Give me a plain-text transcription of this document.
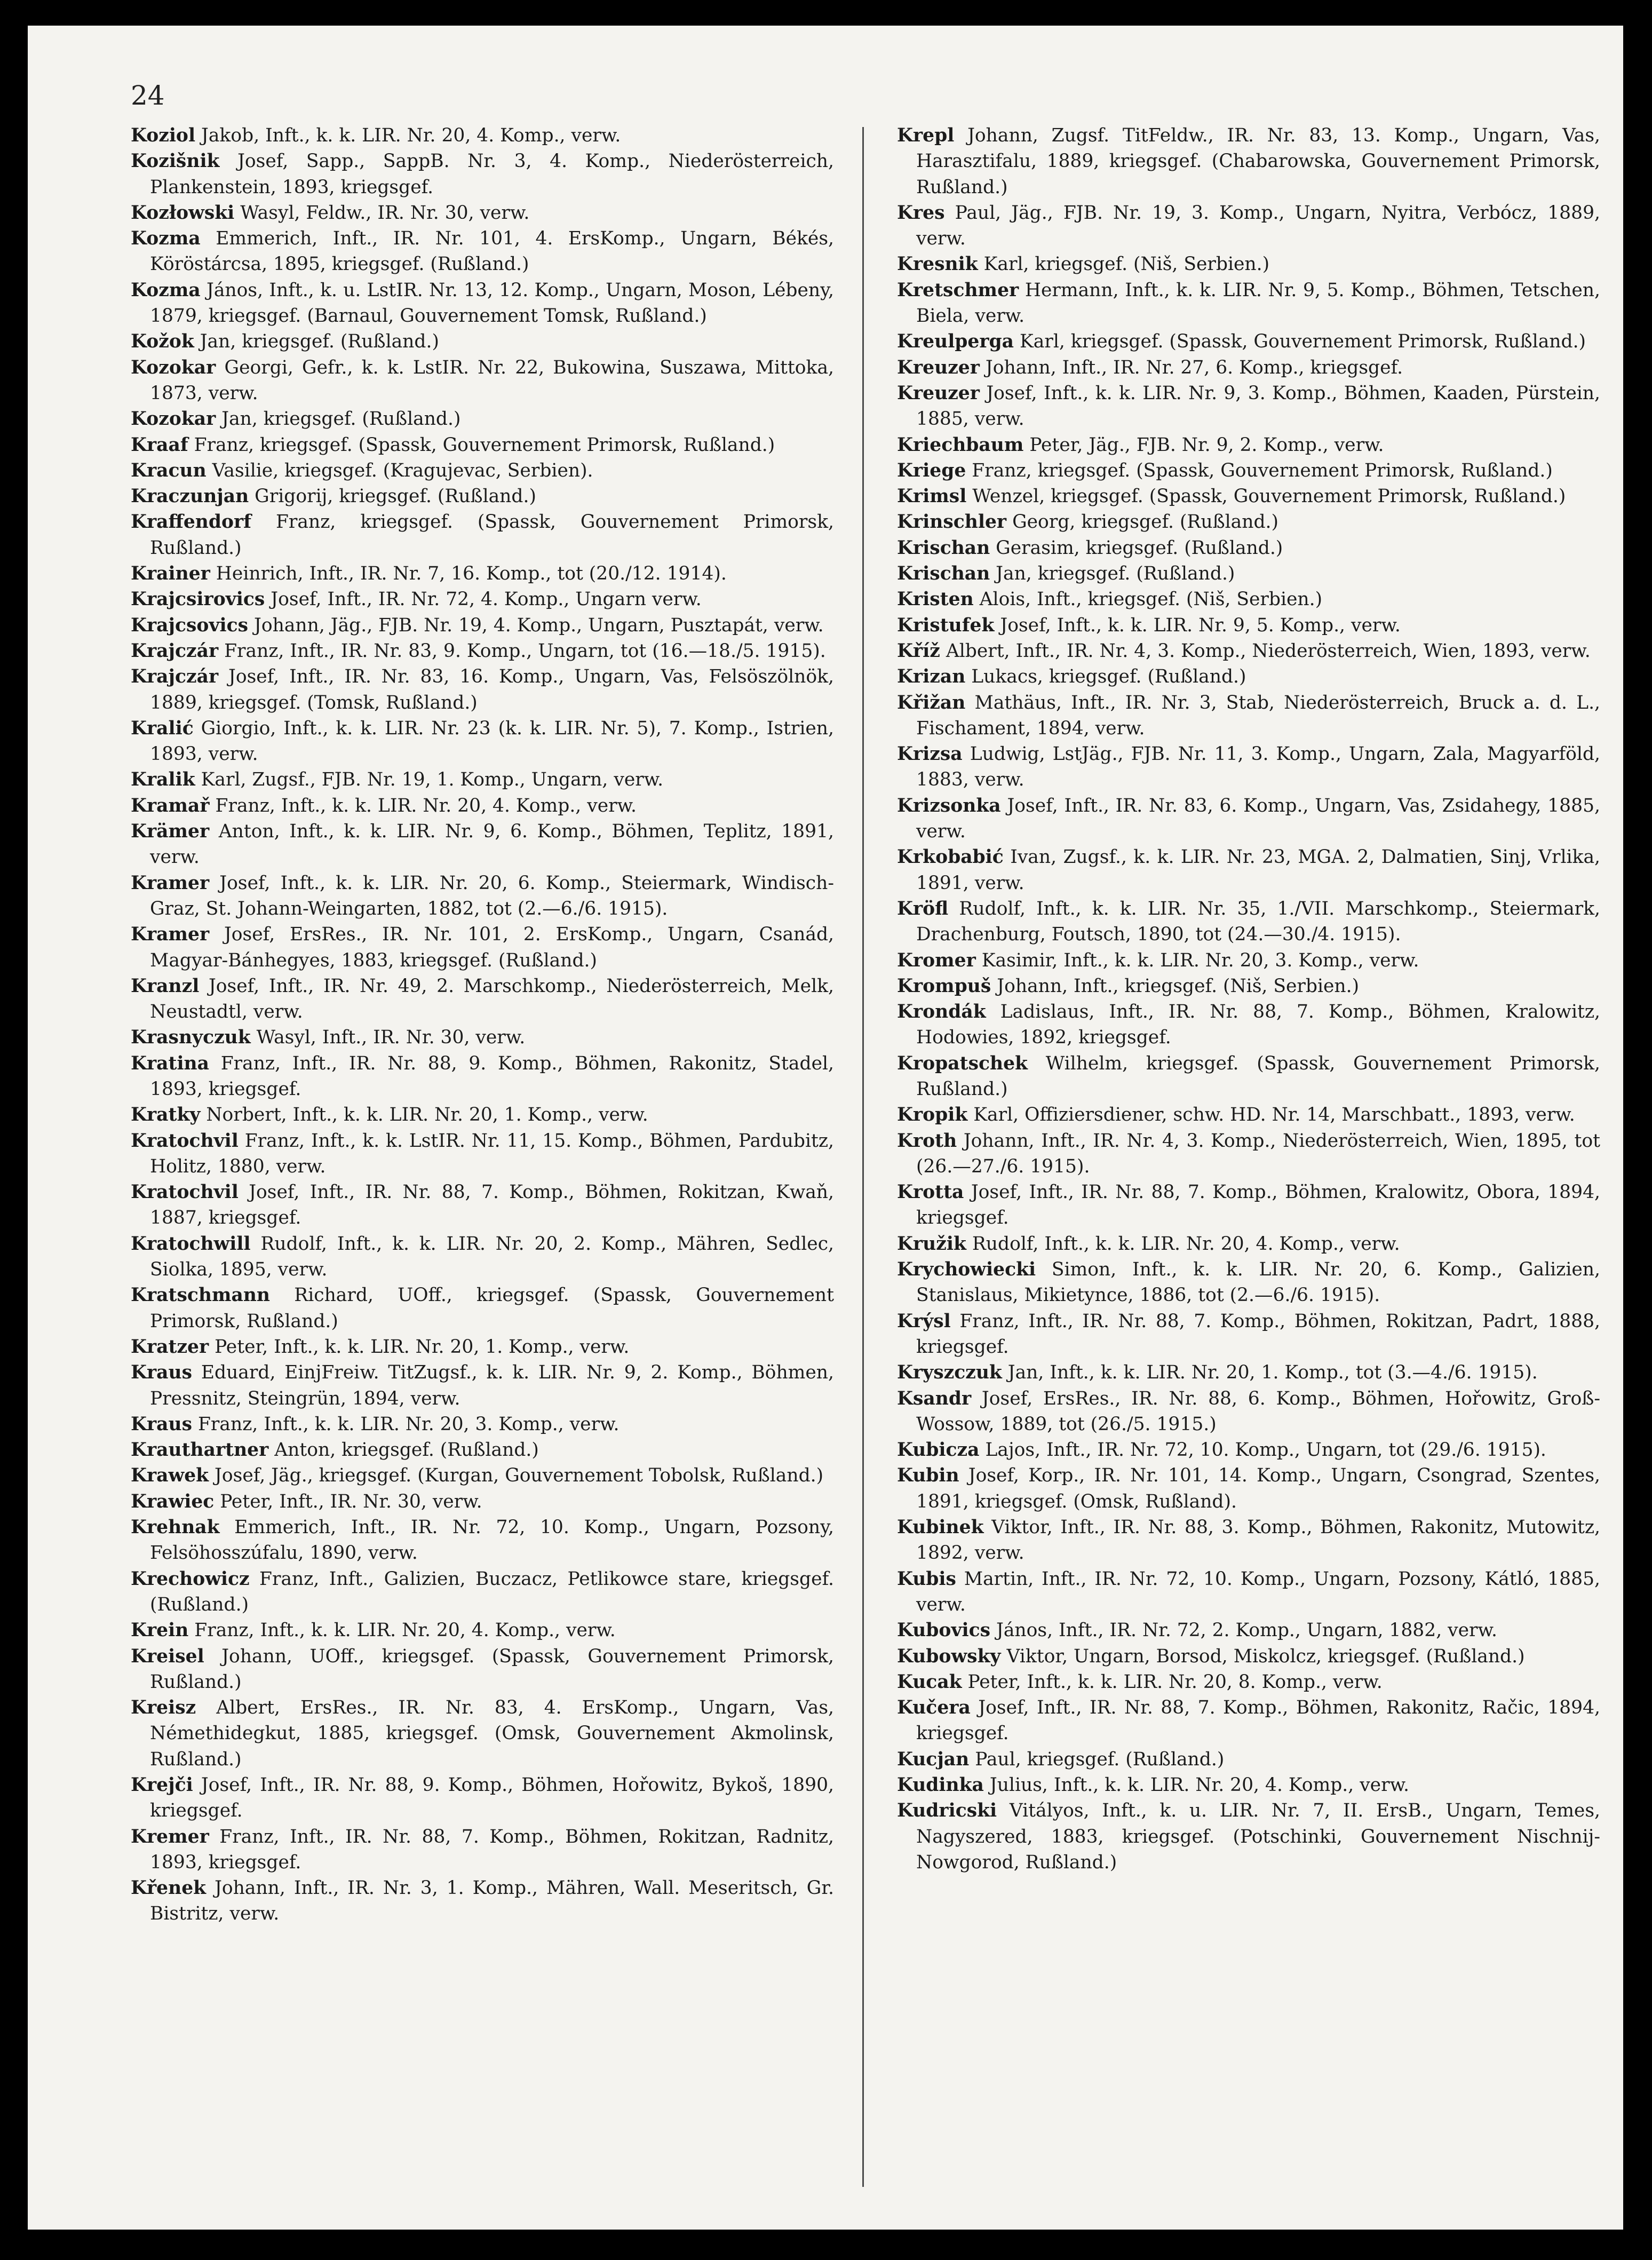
24

Koziol Jakob, Inft., k. k. LIR. Nr. 20, 4. Komp., verw.

Kozišnik Josef, Sapp., SappB. Nr. 3, 4. Komp., Niederösterreich, Plankenstein, 1893, kriegsgef.

Kozłowski Wasyl, Feldw., IR. Nr. 30, verw.

Kozma Emmerich, Inft., IR. Nr. 101, 4. ErsKomp., Ungarn, Békés, Köröstárcsa, 1895, kriegsgef. (Rußland.)

Kozma János, Inft., k. u. LstIR. Nr. 13, 12. Komp., Ungarn, Moson, Lébeny, 1879, kriegsgef. (Barnaul, Gouvernement Tomsk, Rußland.)

Kožok Jan, kriegsgef. (Rußland.)

Kozokar Georgi, Gefr., k. k. LstIR. Nr. 22, Bukowina, Suszawa, Mittoka, 1873, verw.

Kozokar Jan, kriegsgef. (Rußland.)

Kraaf Franz, kriegsgef. (Spassk, Gouvernement Primorsk, Rußland.)

Kracun Vasilie, kriegsgef. (Kragujevac, Serbien).

Kraczunjan Grigorij, kriegsgef. (Rußland.)

Kraffendorf Franz, kriegsgef. (Spassk, Gouvernement Primorsk, Rußland.)

Krainer Heinrich, Inft., IR. Nr. 7, 16. Komp., tot (20./12. 1914).

Krajcsirovics Josef, Inft., IR. Nr. 72, 4. Komp., Ungarn verw.

Krajcsovics Johann, Jäg., FJB. Nr. 19, 4. Komp., Ungarn, Pusztapát, verw.

Krajczár Franz, Inft., IR. Nr. 83, 9. Komp., Ungarn, tot (16.—18./5. 1915).

Krajczár Josef, Inft., IR. Nr. 83, 16. Komp., Ungarn, Vas, Felsöszölnök, 1889, kriegsgef. (Tomsk, Rußland.)

Kralić Giorgio, Inft., k. k. LIR. Nr. 23 (k. k. LIR. Nr. 5), 7. Komp., Istrien, 1893, verw.

Kralik Karl, Zugsf., FJB. Nr. 19, 1. Komp., Ungarn, verw.

Kramař Franz, Inft., k. k. LIR. Nr. 20, 4. Komp., verw.

Krämer Anton, Inft., k. k. LIR. Nr. 9, 6. Komp., Böhmen, Teplitz, 1891, verw.

Kramer Josef, Inft., k. k. LIR. Nr. 20, 6. Komp., Steiermark, Windisch-Graz, St. Johann-Weingarten, 1882, tot (2.—6./6. 1915).

Kramer Josef, ErsRes., IR. Nr. 101, 2. ErsKomp., Ungarn, Csanád, Magyar-Bánhegyes, 1883, kriegsgef. (Rußland.)

Kranzl Josef, Inft., IR. Nr. 49, 2. Marschkomp., Niederösterreich, Melk, Neustadtl, verw.

Krasnyczuk Wasyl, Inft., IR. Nr. 30, verw.

Kratina Franz, Inft., IR. Nr. 88, 9. Komp., Böhmen, Rakonitz, Stadel, 1893, kriegsgef.

Kratky Norbert, Inft., k. k. LIR. Nr. 20, 1. Komp., verw.

Kratochvil Franz, Inft., k. k. LstIR. Nr. 11, 15. Komp., Böhmen, Pardubitz, Holitz, 1880, verw.

Kratochvil Josef, Inft., IR. Nr. 88, 7. Komp., Böhmen, Rokitzan, Kwaň, 1887, kriegsgef.

Kratochwill Rudolf, Inft., k. k. LIR. Nr. 20, 2. Komp., Mähren, Sedlec, Siolka, 1895, verw.

Kratschmann Richard, UOff., kriegsgef. (Spassk, Gouvernement Primorsk, Rußland.)

Kratzer Peter, Inft., k. k. LIR. Nr. 20, 1. Komp., verw.

Kraus Eduard, EinjFreiw. TitZugsf., k. k. LIR. Nr. 9, 2. Komp., Böhmen, Pressnitz, Steingrün, 1894, verw.

Kraus Franz, Inft., k. k. LIR. Nr. 20, 3. Komp., verw.

Krauthartner Anton, kriegsgef. (Rußland.)

Krawek Josef, Jäg., kriegsgef. (Kurgan, Gouvernement Tobolsk, Rußland.)

Krawiec Peter, Inft., IR. Nr. 30, verw.

Krehnak Emmerich, Inft., IR. Nr. 72, 10. Komp., Ungarn, Pozsony, Felsöhosszúfalu, 1890, verw.

Krechowicz Franz, Inft., Galizien, Buczacz, Petlikowce stare, kriegsgef. (Rußland.)

Krein Franz, Inft., k. k. LIR. Nr. 20, 4. Komp., verw.

Kreisel Johann, UOff., kriegsgef. (Spassk, Gouvernement Primorsk, Rußland.)

Kreisz Albert, ErsRes., IR. Nr. 83, 4. ErsKomp., Ungarn, Vas, Némethidegkut, 1885, kriegsgef. (Omsk, Gouvernement Akmolinsk, Rußland.)

Krejči Josef, Inft., IR. Nr. 88, 9. Komp., Böhmen, Hořowitz, Bykoš, 1890, kriegsgef.

Kremer Franz, Inft., IR. Nr. 88, 7. Komp., Böhmen, Rokitzan, Radnitz, 1893, kriegsgef.

Křenek Johann, Inft., IR. Nr. 3, 1. Komp., Mähren, Wall. Meseritsch, Gr. Bistritz, verw.

Krepl Johann, Zugsf. TitFeldw., IR. Nr. 83, 13. Komp., Ungarn, Vas, Harasztifalu, 1889, kriegsgef. (Chabarowska, Gouvernement Primorsk, Rußland.)

Kres Paul, Jäg., FJB. Nr. 19, 3. Komp., Ungarn, Nyitra, Verbócz, 1889, verw.

Kresnik Karl, kriegsgef. (Niš, Serbien.)

Kretschmer Hermann, Inft., k. k. LIR. Nr. 9, 5. Komp., Böhmen, Tetschen, Biela, verw.

Kreulperga Karl, kriegsgef. (Spassk, Gouvernement Primorsk, Rußland.)

Kreuzer Johann, Inft., IR. Nr. 27, 6. Komp., kriegsgef.

Kreuzer Josef, Inft., k. k. LIR. Nr. 9, 3. Komp., Böhmen, Kaaden, Pürstein, 1885, verw.

Kriechbaum Peter, Jäg., FJB. Nr. 9, 2. Komp., verw.

Kriege Franz, kriegsgef. (Spassk, Gouvernement Primorsk, Rußland.)

Krimsl Wenzel, kriegsgef. (Spassk, Gouvernement Primorsk, Rußland.)

Krinschler Georg, kriegsgef. (Rußland.)

Krischan Gerasim, kriegsgef. (Rußland.)

Krischan Jan, kriegsgef. (Rußland.)

Kristen Alois, Inft., kriegsgef. (Niš, Serbien.)

Kristufek Josef, Inft., k. k. LIR. Nr. 9, 5. Komp., verw.

Kříž Albert, Inft., IR. Nr. 4, 3. Komp., Niederösterreich, Wien, 1893, verw.

Krizan Lukacs, kriegsgef. (Rußland.)

Křižan Mathäus, Inft., IR. Nr. 3, Stab, Niederösterreich, Bruck a. d. L., Fischament, 1894, verw.

Krizsa Ludwig, LstJäg., FJB. Nr. 11, 3. Komp., Ungarn, Zala, Magyarföld, 1883, verw.

Krizsonka Josef, Inft., IR. Nr. 83, 6. Komp., Ungarn, Vas, Zsidahegy, 1885, verw.

Krkobabić Ivan, Zugsf., k. k. LIR. Nr. 23, MGA. 2, Dalmatien, Sinj, Vrlika, 1891, verw.

Kröfl Rudolf, Inft., k. k. LIR. Nr. 35, 1./VII. Marschkomp., Steiermark, Drachenburg, Foutsch, 1890, tot (24.—30./4. 1915).

Kromer Kasimir, Inft., k. k. LIR. Nr. 20, 3. Komp., verw.

Krompuš Johann, Inft., kriegsgef. (Niš, Serbien.)

Krondák Ladislaus, Inft., IR. Nr. 88, 7. Komp., Böhmen, Kralowitz, Hodowies, 1892, kriegsgef.

Kropatschek Wilhelm, kriegsgef. (Spassk, Gouvernement Primorsk, Rußland.)

Kropik Karl, Offiziersdiener, schw. HD. Nr. 14, Marschbatt., 1893, verw.

Kroth Johann, Inft., IR. Nr. 4, 3. Komp., Niederösterreich, Wien, 1895, tot (26.—27./6. 1915).

Krotta Josef, Inft., IR. Nr. 88, 7. Komp., Böhmen, Kralowitz, Obora, 1894, kriegsgef.

Kružik Rudolf, Inft., k. k. LIR. Nr. 20, 4. Komp., verw.

Krychowiecki Simon, Inft., k. k. LIR. Nr. 20, 6. Komp., Galizien, Stanislaus, Mikietynce, 1886, tot (2.—6./6. 1915).

Krýsl Franz, Inft., IR. Nr. 88, 7. Komp., Böhmen, Rokitzan, Padrt, 1888, kriegsgef.

Kryszczuk Jan, Inft., k. k. LIR. Nr. 20, 1. Komp., tot (3.—4./6. 1915).

Ksandr Josef, ErsRes., IR. Nr. 88, 6. Komp., Böhmen, Hořowitz, Groß-Wossow, 1889, tot (26./5. 1915.)

Kubicza Lajos, Inft., IR. Nr. 72, 10. Komp., Ungarn, tot (29./6. 1915).

Kubin Josef, Korp., IR. Nr. 101, 14. Komp., Ungarn, Csongrad, Szentes, 1891, kriegsgef. (Omsk, Rußland).

Kubinek Viktor, Inft., IR. Nr. 88, 3. Komp., Böhmen, Rakonitz, Mutowitz, 1892, verw.

Kubis Martin, Inft., IR. Nr. 72, 10. Komp., Ungarn, Pozsony, Kátló, 1885, verw.

Kubovics János, Inft., IR. Nr. 72, 2. Komp., Ungarn, 1882, verw.

Kubowsky Viktor, Ungarn, Borsod, Miskolcz, kriegsgef. (Rußland.)

Kucak Peter, Inft., k. k. LIR. Nr. 20, 8. Komp., verw.

Kučera Josef, Inft., IR. Nr. 88, 7. Komp., Böhmen, Rakonitz, Račic, 1894, kriegsgef.

Kucjan Paul, kriegsgef. (Rußland.)

Kudinka Julius, Inft., k. k. LIR. Nr. 20, 4. Komp., verw.

Kudricski Vitályos, Inft., k. u. LIR. Nr. 7, II. ErsB., Ungarn, Temes, Nagyszered, 1883, kriegsgef. (Potschinki, Gouvernement Nischnij-Nowgorod, Rußland.)
